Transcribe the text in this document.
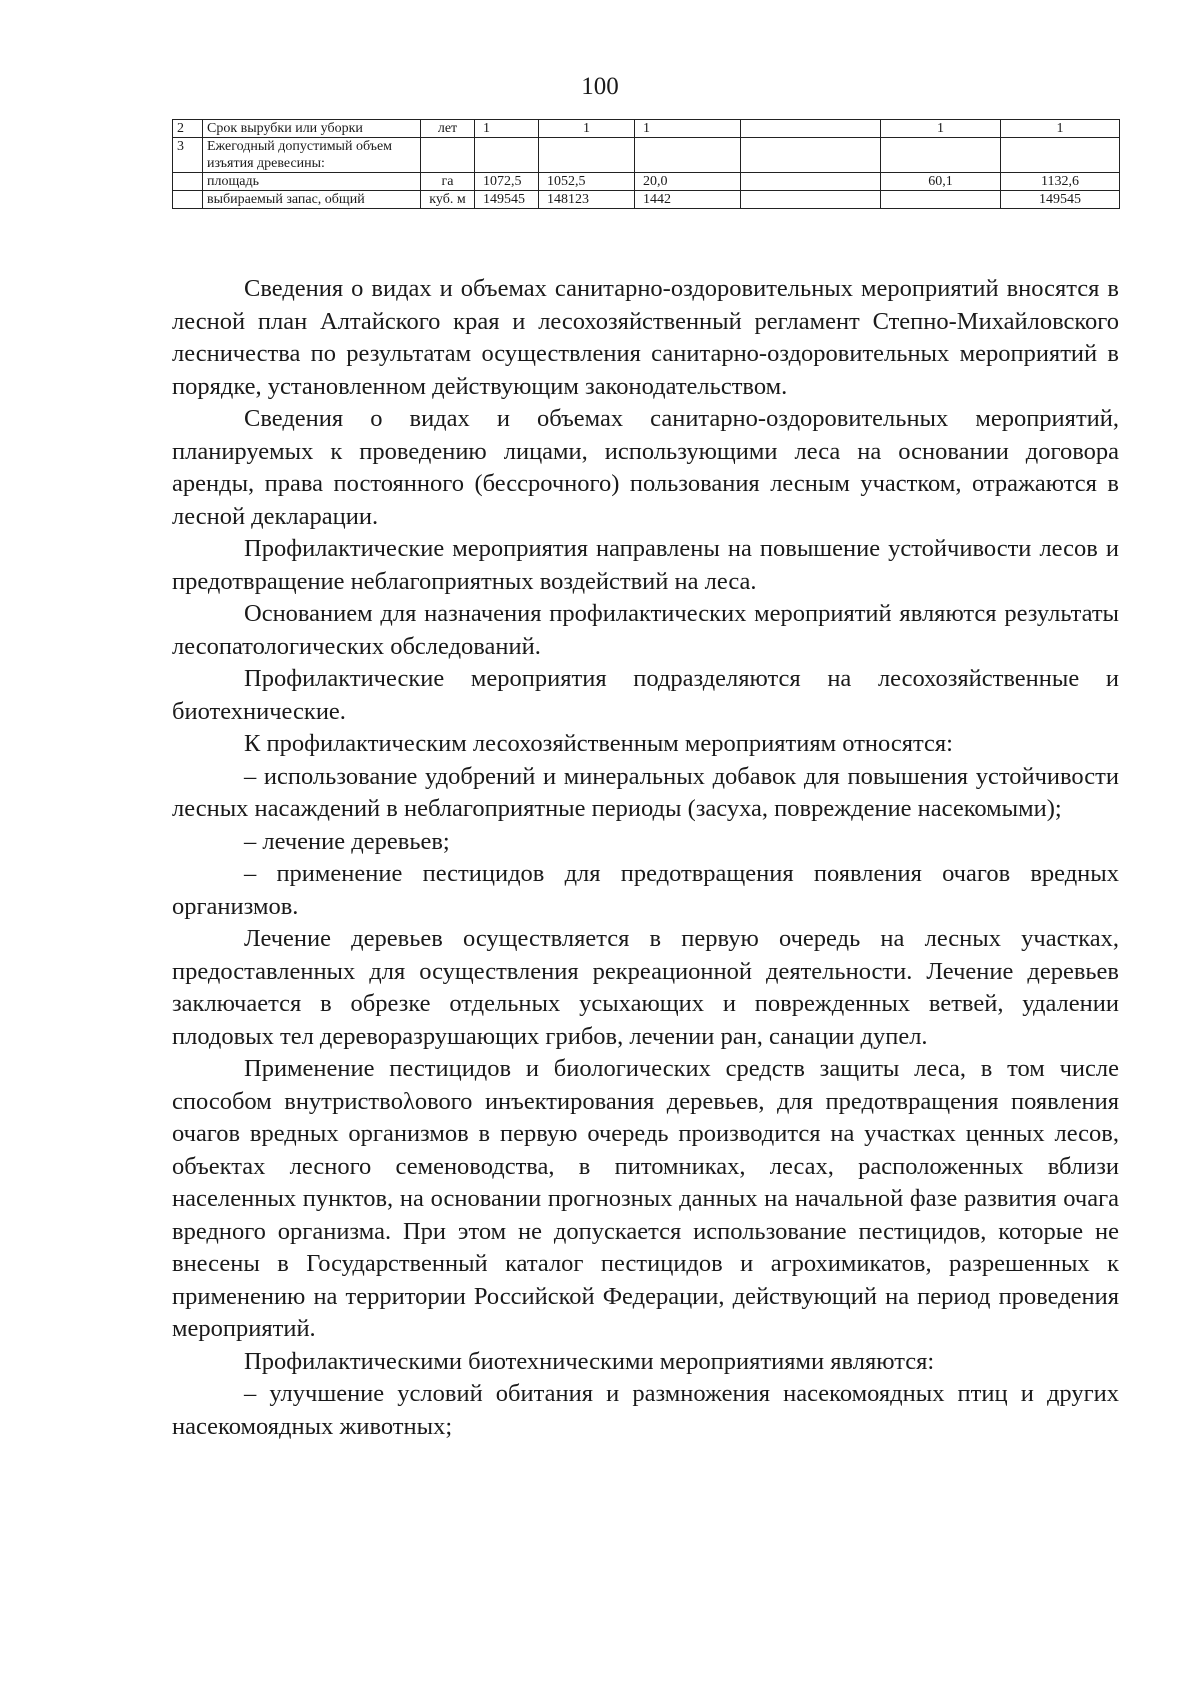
100
2	Срок вырубки или уборки	лет	1	1	1		1	1
3	Ежегодный допустимый объем изъятия древесины:							
	площадь	га	1072,5	1052,5	20,0		60,1	1132,6
	выбираемый запас, общий	куб. м	149545	148123	1442			149545

Сведения о видах и объемах санитарно-оздоровительных мероприятий вносятся в лесной план Алтайского края и лесохозяйственный регламент Степно-Михайловского лесничества по результатам осуществления санитарно-оздоровительных мероприятий в порядке, установленном действующим законодательством.

Сведения о видах и объемах санитарно-оздоровительных мероприятий, планируемых к проведению лицами, использующими леса на основании договора аренды, права постоянного (бессрочного) пользования лесным участком, отражаются в лесной декларации.

Профилактические мероприятия направлены на повышение устойчивости лесов и предотвращение неблагоприятных воздействий на леса.

Основанием для назначения профилактических мероприятий являются результаты лесопатологических обследований.

Профилактические мероприятия подразделяются на лесохозяйственные и биотехнические.

К профилактическим лесохозяйственным мероприятиям относятся:

– использование удобрений и минеральных добавок для повышения устойчивости лесных насаждений в неблагоприятные периоды (засуха, повреждение насекомыми);

– лечение деревьев;

– применение пестицидов для предотвращения появления очагов вредных организмов.

Лечение деревьев осуществляется в первую очередь на лесных участках, предоставленных для осуществления рекреационной деятельности. Лечение деревьев заключается в обрезке отдельных усыхающих и поврежденных ветвей, удалении плодовых тел дереворазрушающих грибов, лечении ран, санации дупел.

Применение пестицидов и биологических средств защиты леса, в том числе способом внутриствολового инъектирования деревьев, для предотвращения появления очагов вредных организмов в первую очередь производится на участках ценных лесов, объектах лесного семеноводства, в питомниках, лесах, расположенных вблизи населенных пунктов, на основании прогнозных данных на начальной фазе развития очага вредного организма. При этом не допускается использование пестицидов, которые не внесены в Государственный каталог пестицидов и агрохимикатов, разрешенных к применению на территории Российской Федерации, действующий на период проведения мероприятий.

Профилактическими биотехническими мероприятиями являются:

– улучшение условий обитания и размножения насекомоядных птиц и других насекомоядных животных;
